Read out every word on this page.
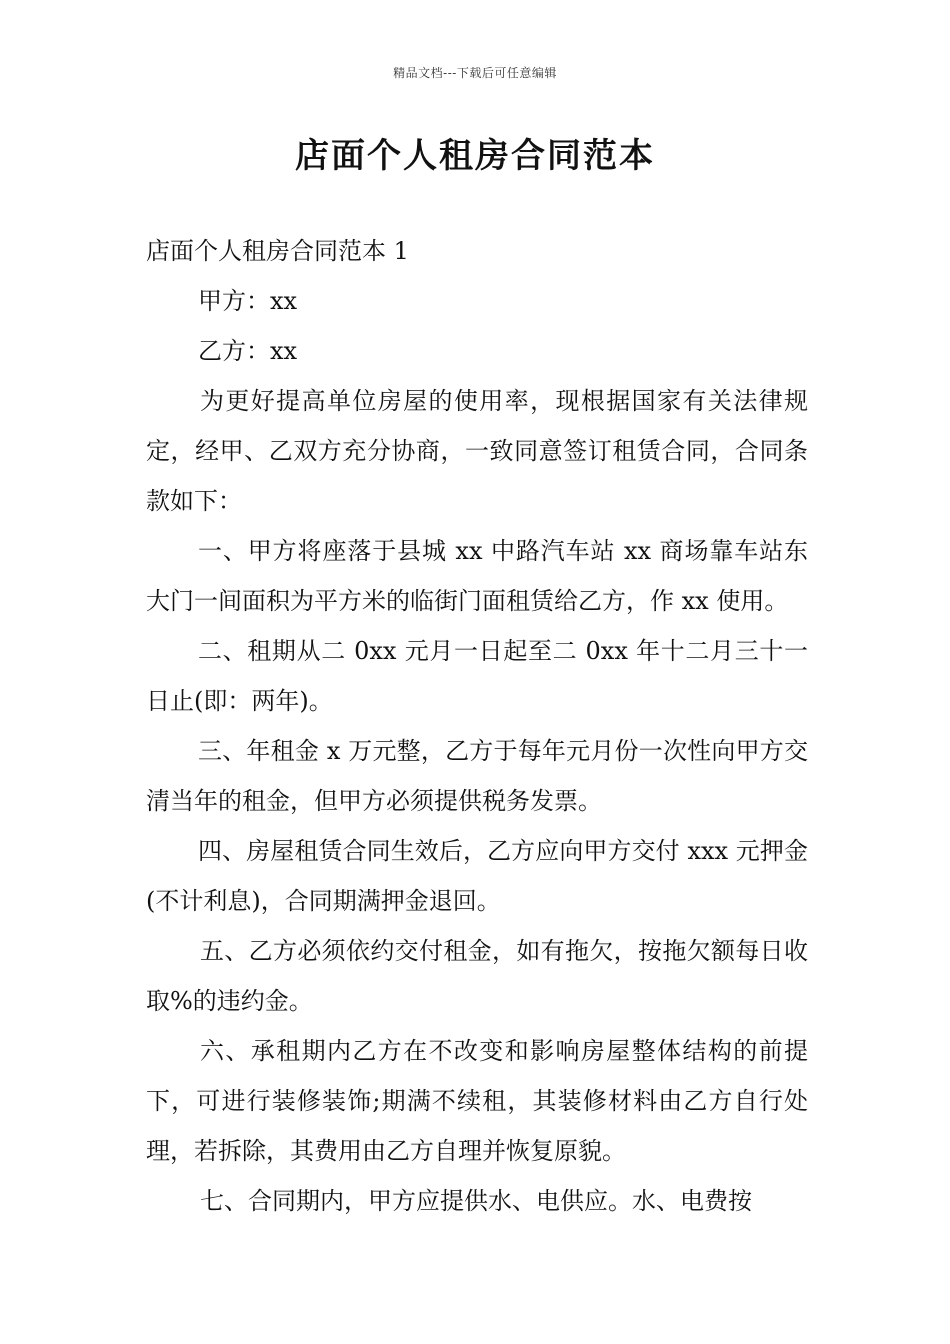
精品文档---下载后可任意编辑
店面个人租房合同范本

店面个人租房合同范本 1

甲方：xx

乙方：xx

为更好提高单位房屋的使用率，现根据国家有关法律规定，经甲、乙双方充分协商，一致同意签订租赁合同，合同条款如下：

一、甲方将座落于县城 xx 中路汽车站 xx 商场靠车站东大门一间面积为平方米的临街门面租赁给乙方，作 xx 使用。

二、租期从二 0xx 元月一日起至二 0xx 年十二月三十一日止(即：两年)。

三、年租金 x 万元整，乙方于每年元月份一次性向甲方交清当年的租金，但甲方必须提供税务发票。

四、房屋租赁合同生效后，乙方应向甲方交付 xxx 元押金(不计利息)，合同期满押金退回。

五、乙方必须依约交付租金，如有拖欠，按拖欠额每日收取%的违约金。

六、承租期内乙方在不改变和影响房屋整体结构的前提下，可进行装修装饰;期满不续租，其装修材料由乙方自行处理，若拆除，其费用由乙方自理并恢复原貌。

七、合同期内，甲方应提供水、电供应。水、电费按
